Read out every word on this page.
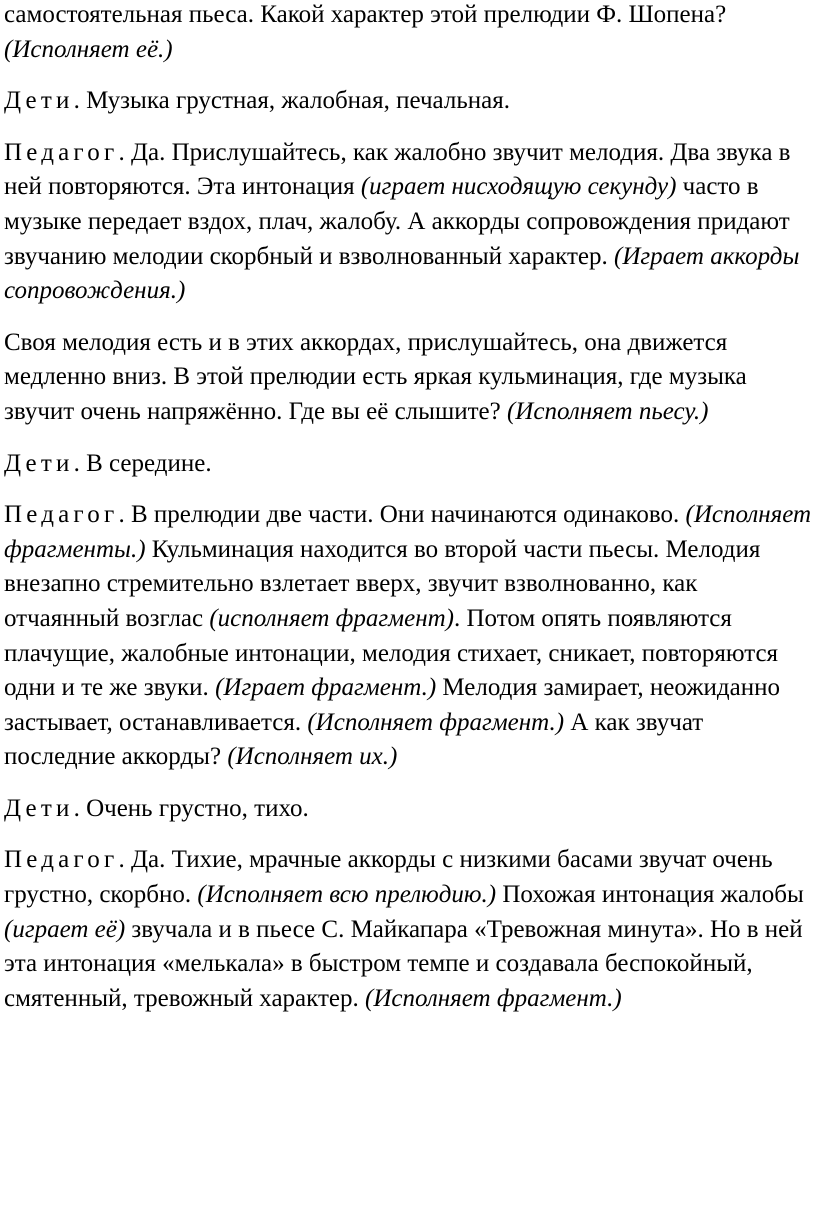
самостоятельная пьеса. Какой характер этой прелюдии Ф. Шопена? (Исполняет её.)

Дети. Музыка грустная, жалобная, печальная.

Педагог. Да. Прислушайтесь, как жалобно звучит мелодия. Два звука в ней повторяются. Эта интонация (играет нисходящую секунду) часто в музыке передает вздох, плач, жалобу. А аккорды сопровождения придают звучанию мелодии скорбный и взволнованный характер. (Играет аккорды сопровождения.)

Своя мелодия есть и в этих аккордах, прислушайтесь, она движется медленно вниз. В этой прелюдии есть яркая кульминация, где музыка звучит очень напряжённо. Где вы её слышите? (Исполняет пьесу.)

Дети. В середине.

Педагог. В прелюдии две части. Они начинаются одинаково. (Исполняет фрагменты.) Кульминация находится во второй части пьесы. Мелодия внезапно стремительно взлетает вверх, звучит взволнованно, как отчаянный возглас (исполняет фрагмент). Потом опять появляются плачущие, жалобные интонации, мелодия стихает, сникает, повторяются одни и те же звуки. (Играет фрагмент.) Мелодия замирает, неожиданно застывает, останавливается. (Исполняет фрагмент.) А как звучат последние аккорды? (Исполняет их.)

Дети. Очень грустно, тихо.

Педагог. Да. Тихие, мрачные аккорды с низкими басами звучат очень грустно, скорбно. (Исполняет всю прелюдию.) Похожая интонация жалобы (играет её) звучала и в пьесе С. Майкапара «Тревожная минута». Но в ней эта интонация «мелькала» в быстром темпе и создавала беспокойный, смятенный, тревожный характер. (Исполняет фрагмент.)
